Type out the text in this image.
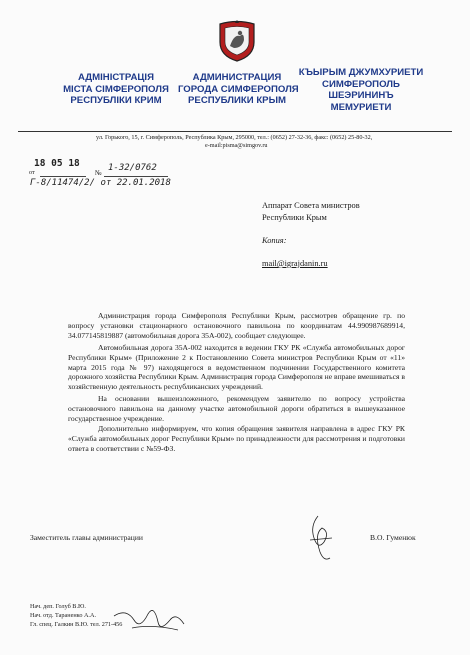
АДМІНІСТРАЦІЯ
МІСТА СІМФЕРОПОЛЯ
РЕСПУБЛІКИ КРИМ
АДМИНИСТРАЦИЯ
ГОРОДА СИМФЕРОПОЛЯ
РЕСПУБЛИКИ КРЫМ
КЪЫРЫМ ДЖУМХУРИЕТИ
СИМФЕРОПОЛЬ
ШЕЭРИНИНЪ
МЕМУРИЕТИ
ул. Горького, 15, г. Симферополь, Республика Крым, 295000, тел.: (0652) 27-32-36, факс: (0652) 25-80-32,
e-mail:pisma@simgov.ru
18 05 18
от	№ 1-32/0762
Г-8/11474/2/ от 22.01.2018
Аппарат Совета министров
Республики Крым
Копия:
mail@igrajdanin.ru

Администрация города Симферополя Республики Крым, рассмотрев обращение гр. по вопросу установки стационарного остановочного павильона по координатам 44.990987689914, 34.077145819887 (автомобильная дорога 35А-002), сообщает следующее.

Автомобильная дорога 35А-002 находится в ведении ГКУ РК «Служба автомобильных дорог Республики Крым» (Приложение 2 к Постановлению Совета министров Республики Крым от «11» марта 2015 года № 97) находящегося в ведомственном подчинении Государственного комитета дорожного хозяйства Республики Крым. Администрация города Симферополя не вправе вмешиваться в хозяйственную деятельность республиканских учреждений.

На основании вышеизложенного, рекомендуем заявителю по вопросу устройства остановочного павильона на данному участке автомобильной дороги обратиться в вышеуказанное государственное учреждение.

Дополнительно информируем, что копия обращения заявителя направлена в адрес ГКУ РК «Служба автомобильных дорог Республики Крым» по принадлежности для рассмотрения и подготовки ответа в соответствии с №59-ФЗ.

Заместитель главы администрации	В.О. Гуменюк
Нач. деп. Голуб В.Ю.
Нач. отд. Тараненко А.А.
Гл. спец. Галкин В.Ю. тел. 271-456
